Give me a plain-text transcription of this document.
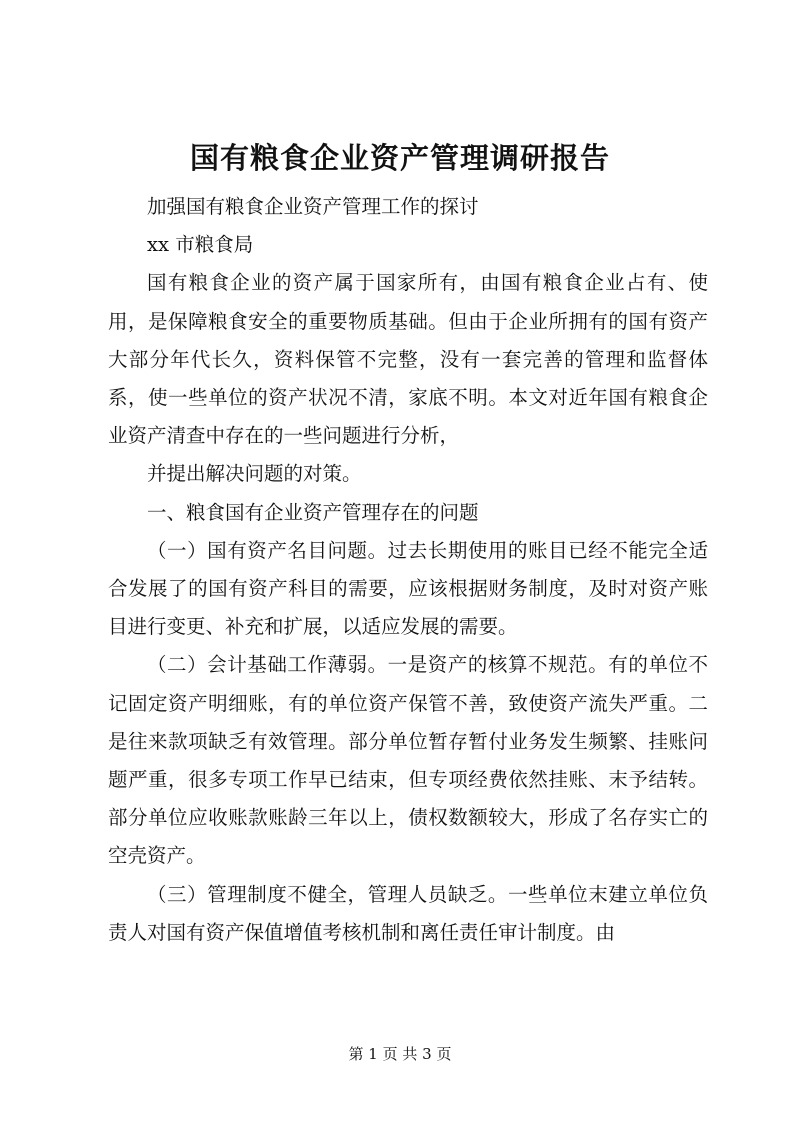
国有粮食企业资产管理调研报告

加强国有粮食企业资产管理工作的探讨

xx 市粮食局

国有粮食企业的资产属于国家所有，由国有粮食企业占有、使用，是保障粮食安全的重要物质基础。但由于企业所拥有的国有资产大部分年代长久，资料保管不完整，没有一套完善的管理和监督体系，使一些单位的资产状况不清，家底不明。本文对近年国有粮食企业资产清查中存在的一些问题进行分析，

并提出解决问题的对策。

一、粮食国有企业资产管理存在的问题

（一）国有资产名目问题。过去长期使用的账目已经不能完全适合发展了的国有资产科目的需要，应该根据财务制度，及时对资产账目进行变更、补充和扩展，以适应发展的需要。

（二）会计基础工作薄弱。一是资产的核算不规范。有的单位不记固定资产明细账，有的单位资产保管不善，致使资产流失严重。二是往来款项缺乏有效管理。部分单位暂存暂付业务发生频繁、挂账问题严重，很多专项工作早已结束，但专项经费依然挂账、末予结转。部分单位应收账款账龄三年以上，债权数额较大，形成了名存实亡的空壳资产。

（三）管理制度不健全，管理人员缺乏。一些单位末建立单位负责人对国有资产保值增值考核机制和离任责任审计制度。由

第 1 页 共 3 页
